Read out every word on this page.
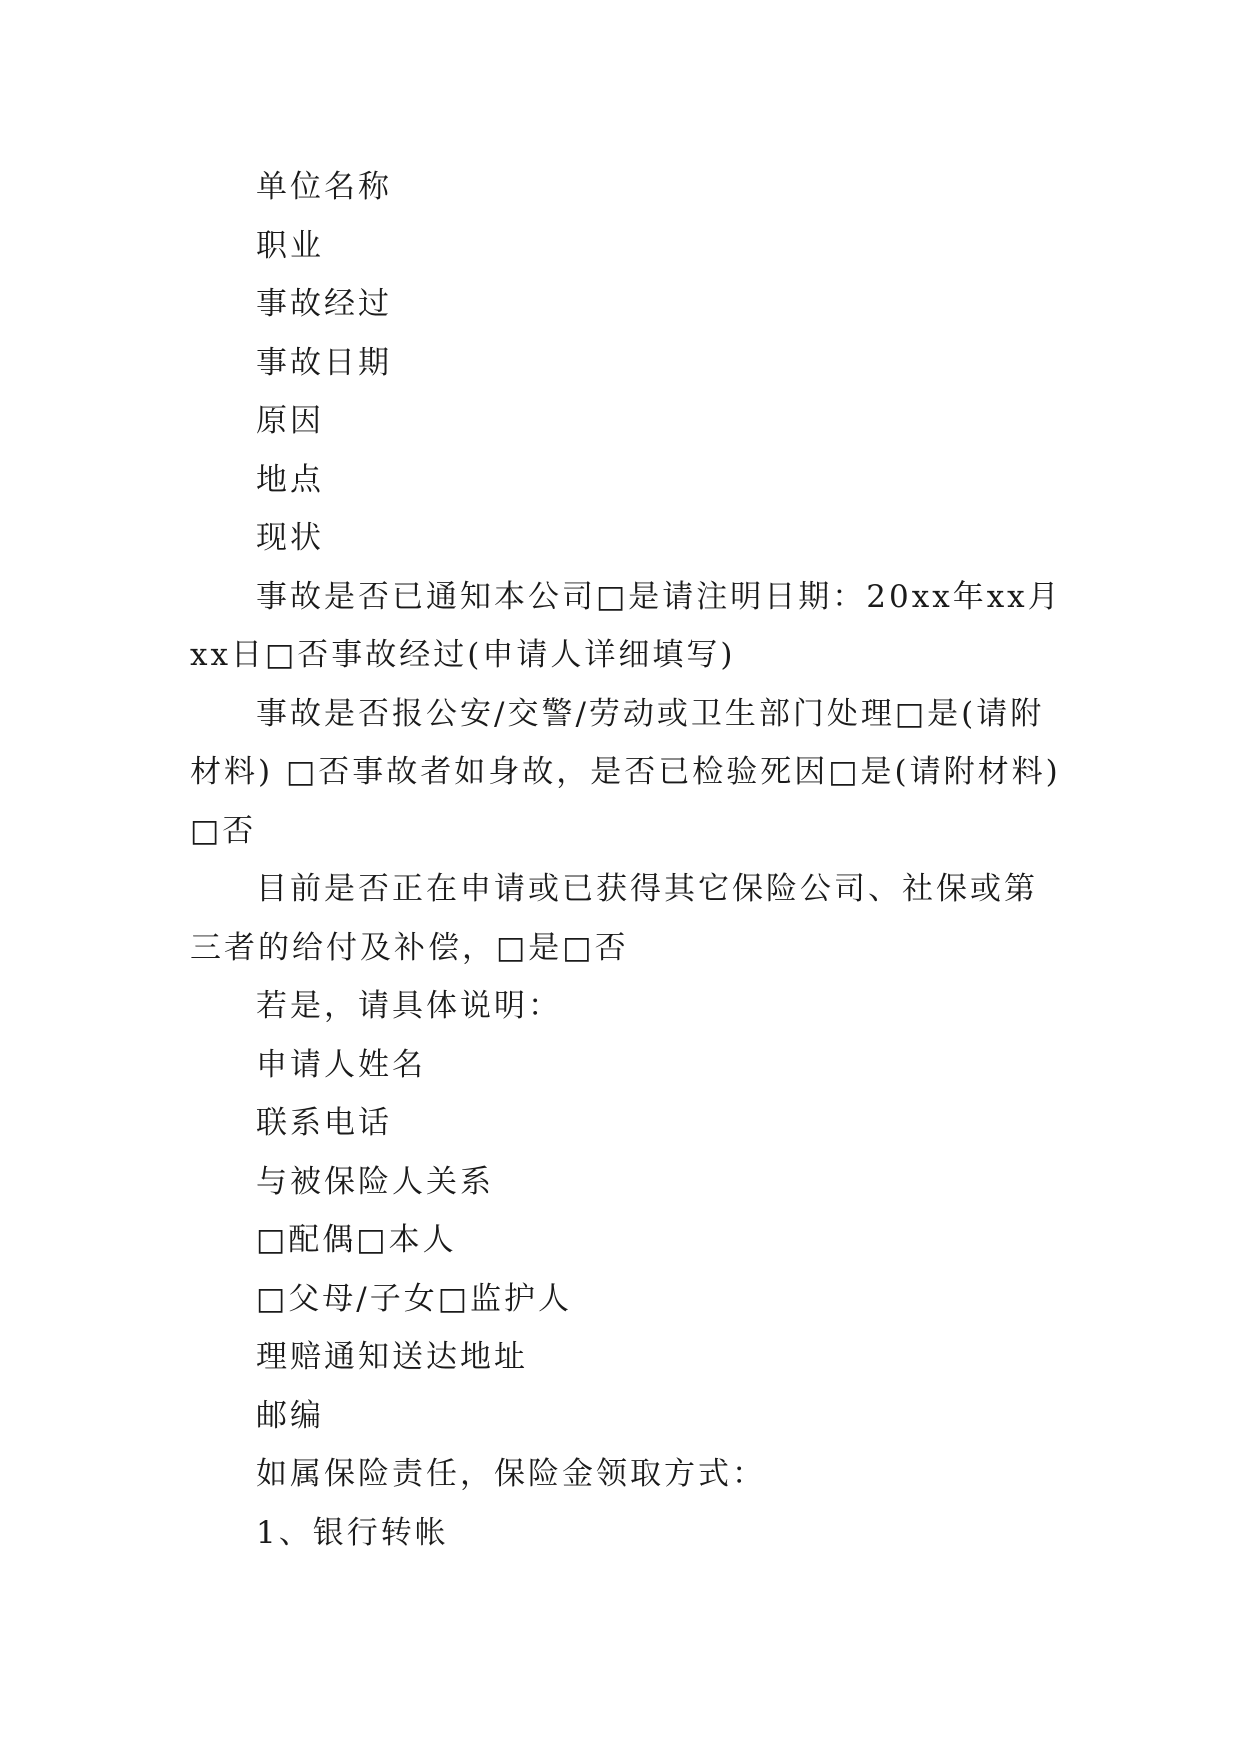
单位名称

职业

事故经过

事故日期

原因

地点

现状

事故是否已通知本公司□是请注明日期：20xx年xx月xx日□否事故经过(申请人详细填写)

事故是否报公安/交警/劳动或卫生部门处理□是(请附材料) □否事故者如身故，是否已检验死因□是(请附材料) □否

目前是否正在申请或已获得其它保险公司、社保或第三者的给付及补偿，□是□否

若是，请具体说明：

申请人姓名

联系电话

与被保险人关系

□配偶□本人

□父母/子女□监护人

理赔通知送达地址

邮编

如属保险责任，保险金领取方式：

1、银行转帐
